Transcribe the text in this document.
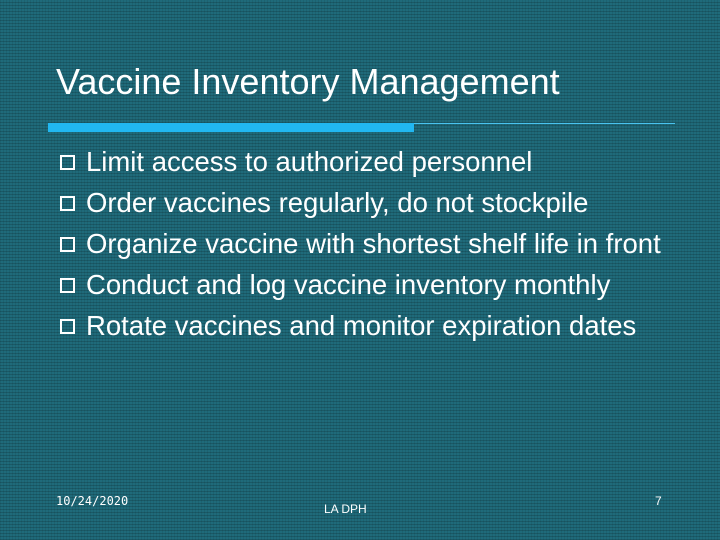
Vaccine Inventory Management
Limit access to authorized personnel
Order vaccines regularly, do not stockpile
Organize vaccine with shortest shelf life in front
Conduct and log vaccine inventory monthly
Rotate vaccines and monitor expiration dates
10/24/2020
LA DPH
7
